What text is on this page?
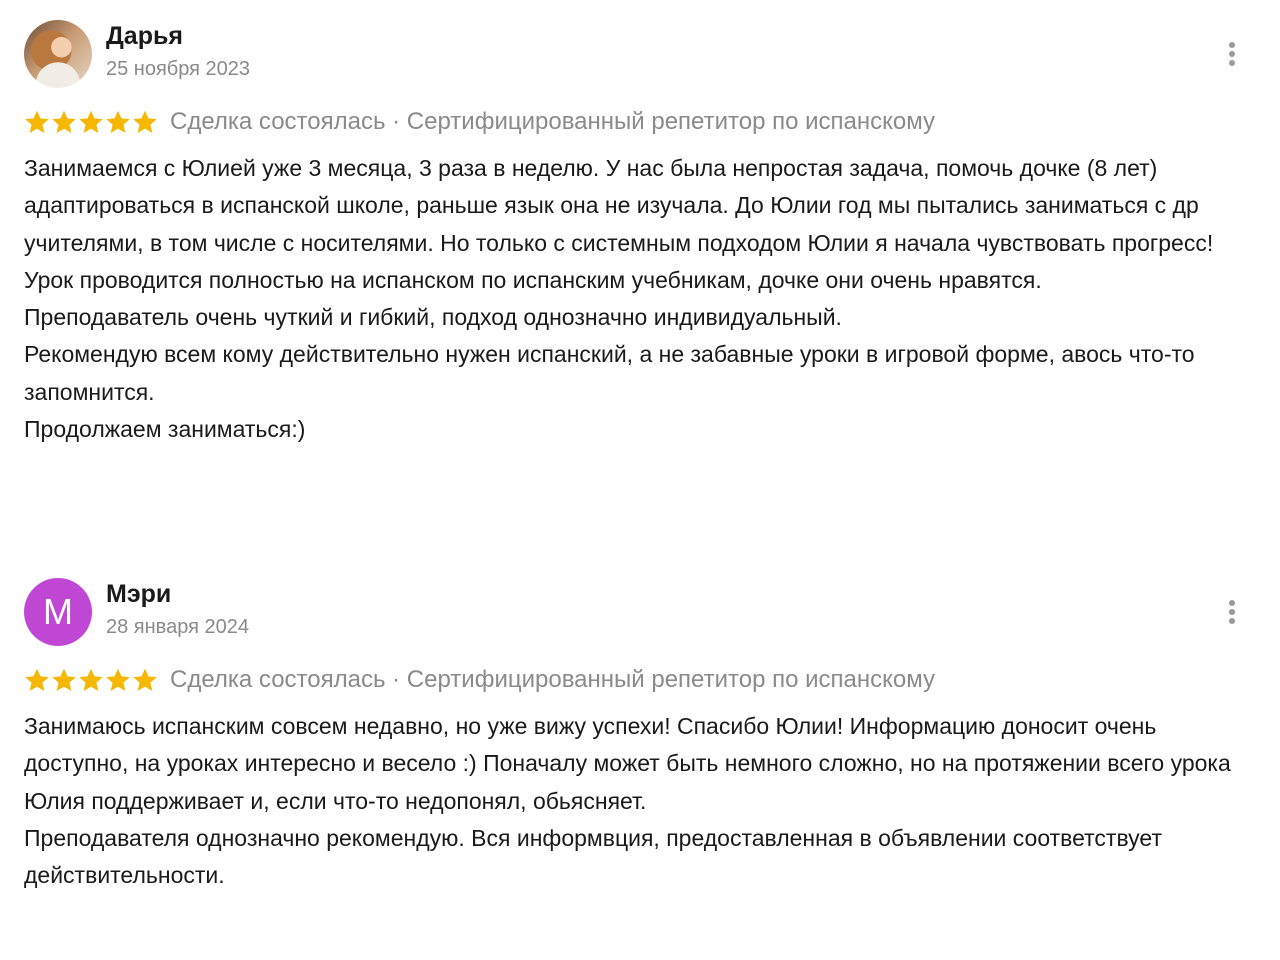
Дарья
25 ноября 2023
Сделка состоялась · Сертифицированный репетитор по испанскому

Занимаемся с Юлией уже 3 месяца, 3 раза в неделю. У нас была непростая задача, помочь дочке (8 лет) адаптироваться в испанской школе, раньше язык она не изучала. До Юлии год мы пытались заниматься с др учителями, в том числе с носителями. Но только с системным подходом Юлии я начала чувствовать прогресс! Урок проводится полностью на испанском по испанским учебникам, дочке они очень нравятся.

Преподаватель очень чуткий и гибкий, подход однозначно индивидуальный.

Рекомендую всем кому действительно нужен испанский, а не забавные уроки в игровой форме, авось что-то запомнится.

Продолжаем заниматься:)

М	Мэри
28 января 2024
Сделка состоялась · Сертифицированный репетитор по испанскому

Занимаюсь испанским совсем недавно, но уже вижу успехи! Спасибо Юлии! Информацию доносит очень доступно, на уроках интересно и весело :) Поначалу может быть немного сложно, но на протяжении всего урока Юлия поддерживает и, если что-то недопонял, обьясняет.

Преподавателя однозначно рекомендую. Вся информвция, предоставленная в объявлении соответствует действительности.
